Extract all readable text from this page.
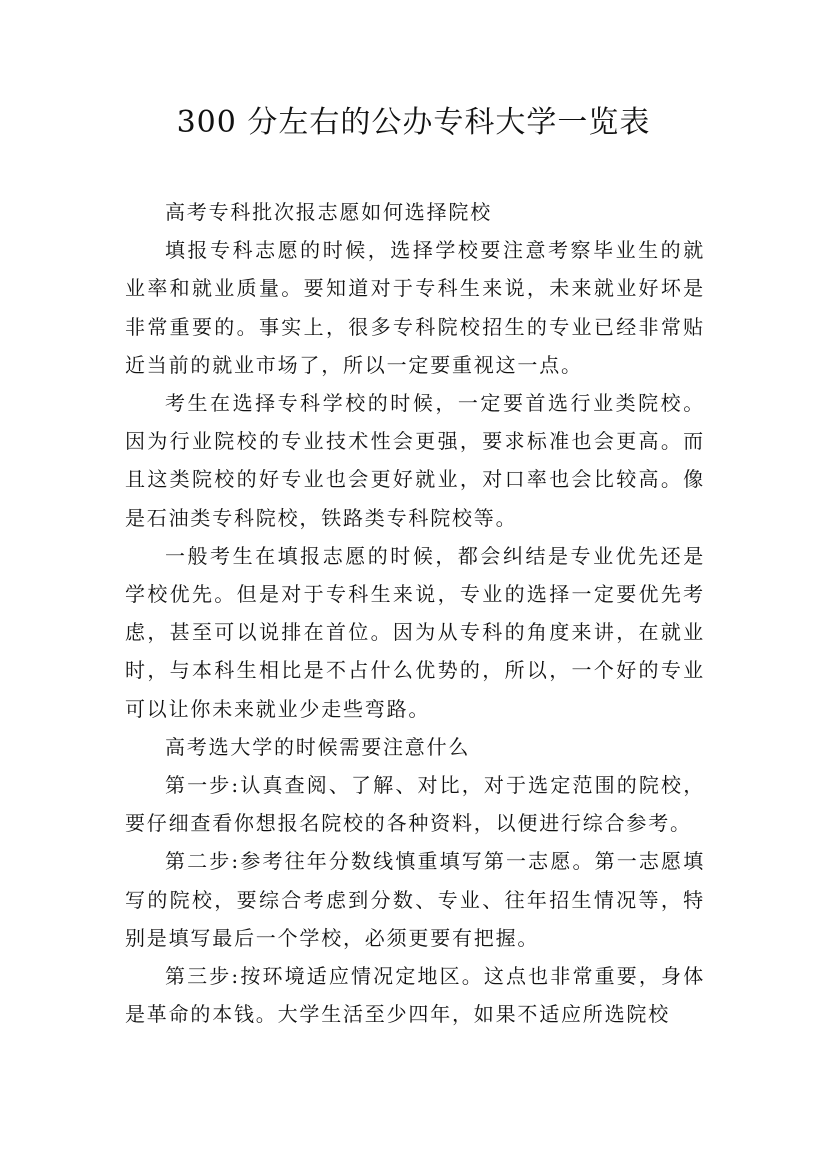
300 分左右的公办专科大学一览表

高考专科批次报志愿如何选择院校

填报专科志愿的时候，选择学校要注意考察毕业生的就业率和就业质量。要知道对于专科生来说，未来就业好坏是非常重要的。事实上，很多专科院校招生的专业已经非常贴近当前的就业市场了，所以一定要重视这一点。

考生在选择专科学校的时候，一定要首选行业类院校。因为行业院校的专业技术性会更强，要求标准也会更高。而且这类院校的好专业也会更好就业，对口率也会比较高。像是石油类专科院校，铁路类专科院校等。

一般考生在填报志愿的时候，都会纠结是专业优先还是学校优先。但是对于专科生来说，专业的选择一定要优先考虑，甚至可以说排在首位。因为从专科的角度来讲，在就业时，与本科生相比是不占什么优势的，所以，一个好的专业可以让你未来就业少走些弯路。

高考选大学的时候需要注意什么

第一步:认真查阅、了解、对比，对于选定范围的院校，要仔细查看你想报名院校的各种资料，以便进行综合参考。

第二步:参考往年分数线慎重填写第一志愿。第一志愿填写的院校，要综合考虑到分数、专业、往年招生情况等，特别是填写最后一个学校，必须更要有把握。

第三步:按环境适应情况定地区。这点也非常重要，身体是革命的本钱。大学生活至少四年，如果不适应所选院校
